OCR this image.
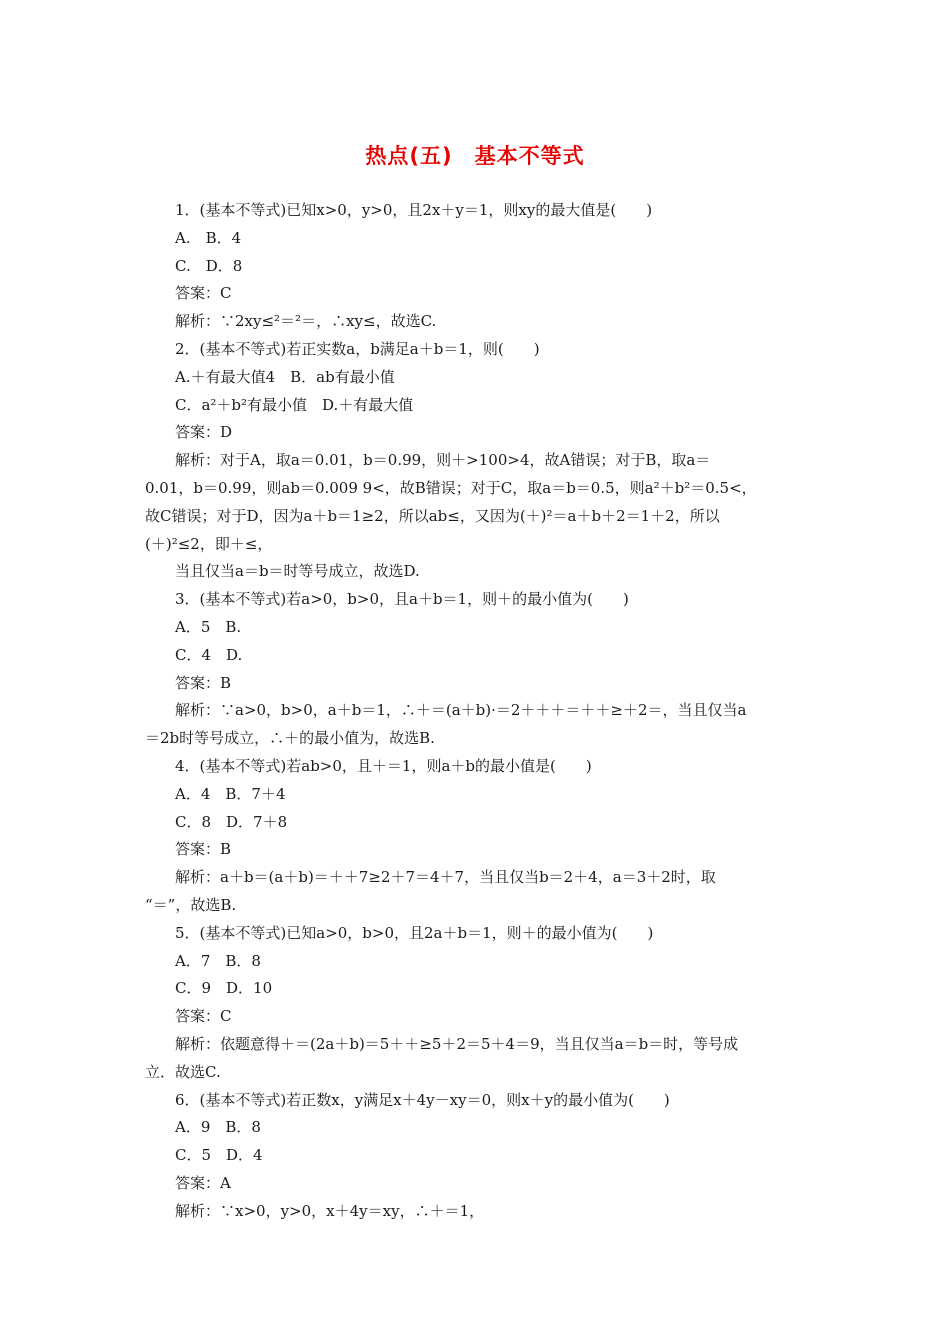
热点(五)　基本不等式
1．(基本不等式)已知x>0，y>0，且2x＋y＝1，则xy的最大值是(　　)
A.　B．4
C.　D．8
答案：C
解析：∵2xy≤²＝²＝，∴xy≤，故选C.
2．(基本不等式)若正实数a，b满足a＋b＝1，则(　　)
A.＋有最大值4　B．ab有最小值
C．a²＋b²有最小值　D.＋有最大值
答案：D
解析：对于A，取a＝0.01，b＝0.99，则＋>100>4，故A错误；对于B，取a＝
0.01，b＝0.99，则ab＝0.009 9<，故B错误；对于C，取a＝b＝0.5，则a²＋b²＝0.5<，
故C错误；对于D，因为a＋b＝1≥2，所以ab≤，又因为(＋)²＝a＋b＋2＝1＋2，所以
(＋)²≤2，即＋≤，
当且仅当a＝b＝时等号成立，故选D.
3．(基本不等式)若a>0，b>0，且a＋b＝1，则＋的最小值为(　　)
A．5　B.
C．4　D.
答案：B
解析：∵a>0，b>0，a＋b＝1，∴＋＝(a＋b)·＝2＋＋＋＝＋＋≥＋2＝，当且仅当a
＝2b时等号成立，∴＋的最小值为，故选B.
4．(基本不等式)若ab>0，且＋＝1，则a＋b的最小值是(　　)
A．4　B．7＋4
C．8　D．7＋8
答案：B
解析：a＋b＝(a＋b)＝＋＋7≥2＋7＝4＋7，当且仅当b＝2＋4，a＝3＋2时，取
“＝”，故选B.
5．(基本不等式)已知a>0，b>0，且2a＋b＝1，则＋的最小值为(　　)
A．7　B．8
C．9　D．10
答案：C
解析：依题意得＋＝(2a＋b)＝5＋＋≥5＋2＝5＋4＝9，当且仅当a＝b＝时，等号成
立．故选C.
6．(基本不等式)若正数x，y满足x＋4y－xy＝0，则x＋y的最小值为(　　)
A．9　B．8
C．5　D．4
答案：A
解析：∵x>0，y>0，x＋4y＝xy，∴＋＝1，
